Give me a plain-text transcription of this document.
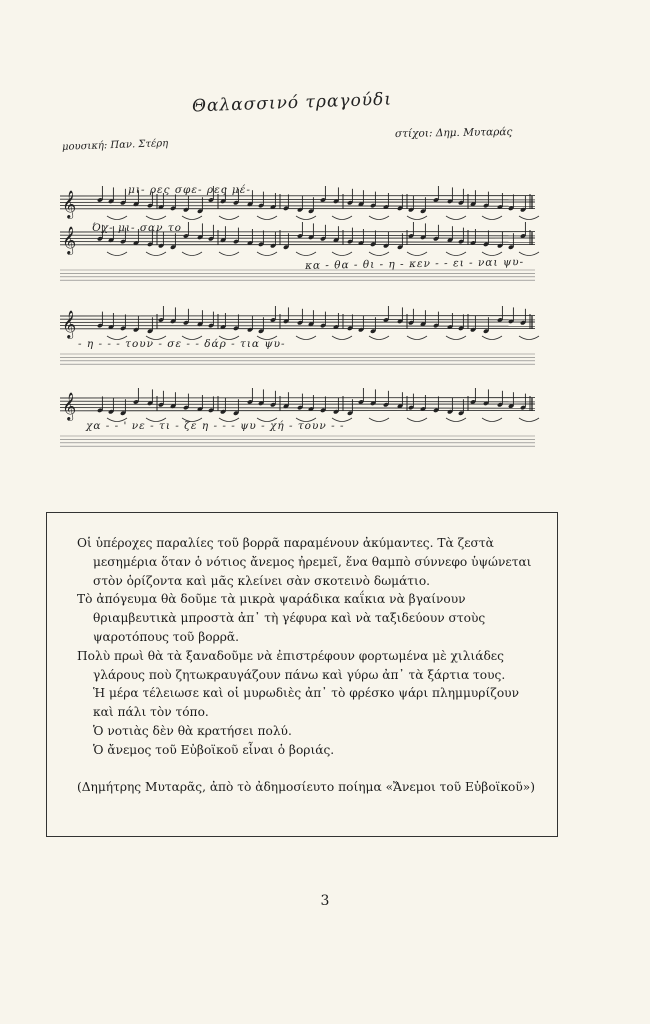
𝄞
𝄞
𝄞
𝄞
Θαλασσινό τραγούδι
μουσική: Παν. Στέρη
στίχοι: Δημ. Μυταράς
μι- ρες σφε- ρες μέ-
Όχ- μι- σαν το
κα - θα - θι - η - κεν - - ει - ναι ψυ-
- η - - - τουν - σε - - δάρ - τια ψυ-
χα - - ' νε - τι - ζε η - - - ψυ - χή - τουν - -
Οἱ ὑπέροχες παραλίες τοῦ βορρᾶ παραμένουν ἀκύμαντες. Τὰ ζεστὰ μεσημέρια ὅταν ὁ νότιος ἄνεμος ἠρεμεῖ, ἕνα θαμπὸ σύννεφο ὑψώνεται στὸν ὁρίζοντα καὶ μᾶς κλείνει σὰν σκοτεινὸ δωμάτιο.
Τὸ ἀπόγευμα θὰ δοῦμε τὰ μικρὰ ψαράδικα καΐκια νὰ βγαίνουν θριαμβευτικὰ μπροστὰ ἀπ᾿ τὴ γέφυρα καὶ νὰ ταξιδεύουν στοὺς ψαροτόπους τοῦ βορρᾶ.
Πολὺ πρωὶ θὰ τὰ ξαναδοῦμε νὰ ἐπιστρέφουν φορτωμένα μὲ χιλιάδες γλάρους ποὺ ζητωκραυγάζουν πάνω καὶ γύρω ἀπ᾿ τὰ ξάρτια τους.
Ἡ μέρα τέλειωσε καὶ οἱ μυρωδιὲς ἀπ᾿ τὸ φρέσκο ψάρι πλημμυρίζουν καὶ πάλι τὸν τόπο.
Ὁ νοτιὰς δὲν θὰ κρατήσει πολύ.
Ὁ ἄνεμος τοῦ Εὐβοϊκοῦ εἶναι ὁ βοριάς.
(Δημήτρης Μυταρᾶς, ἀπὸ τὸ ἀδημοσίευτο ποίημα «Ἄνεμοι τοῦ Εὐβοϊκοῦ»)
3
